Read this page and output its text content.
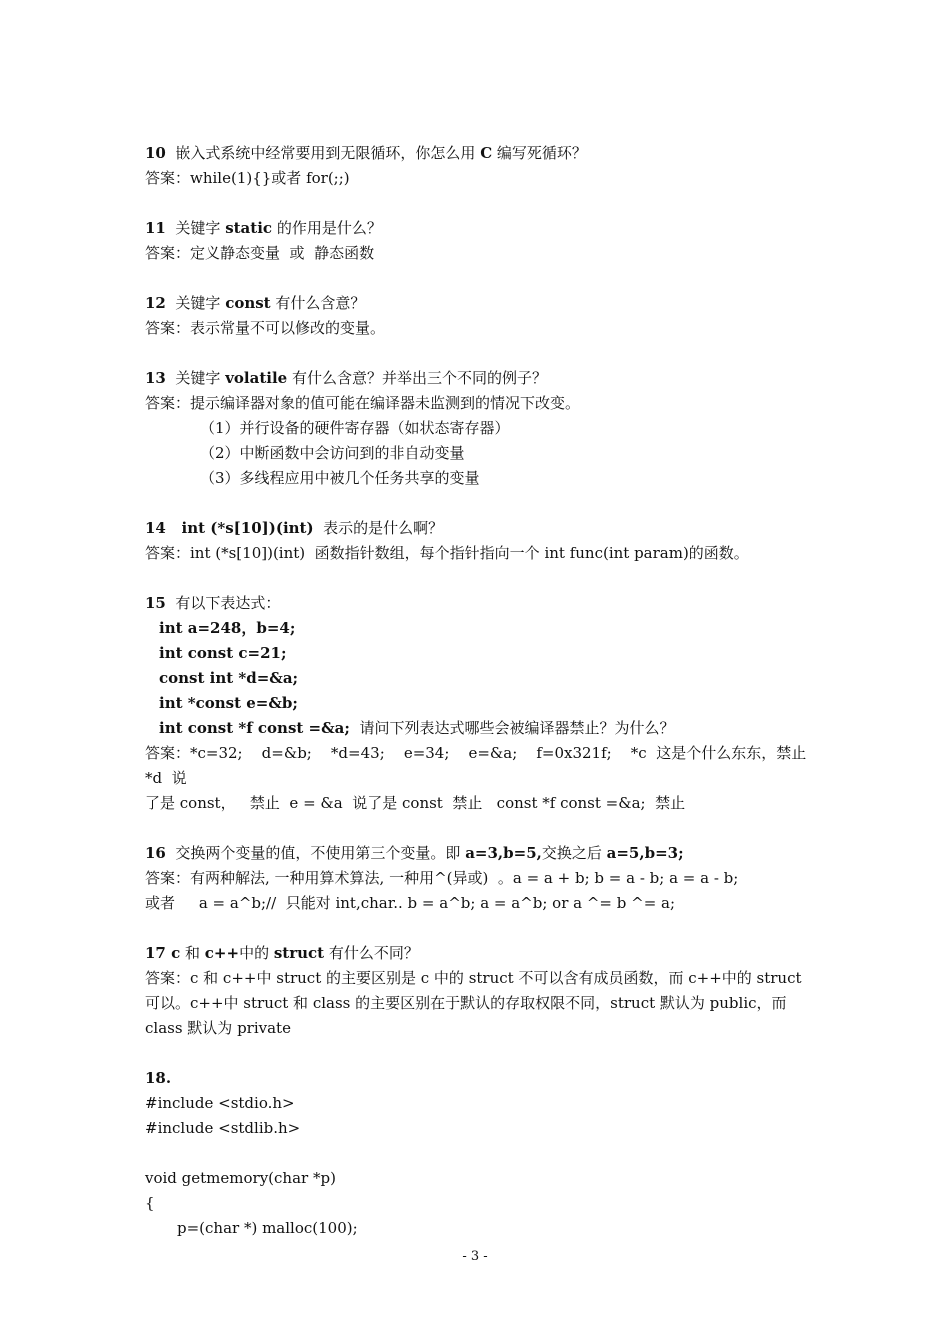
10  嵌入式系统中经常要用到无限循环，你怎么用 C 编写死循环？
答案：while(1){}或者 for(;;)
11  关键字 static 的作用是什么？
答案：定义静态变量  或  静态函数
12  关键字 const 有什么含意？
答案：表示常量不可以修改的变量。
13  关键字 volatile 有什么含意？并举出三个不同的例子？
答案：提示编译器对象的值可能在编译器未监测到的情况下改变。
（1）并行设备的硬件寄存器（如状态寄存器）
（2）中断函数中会访问到的非自动变量
（3）多线程应用中被几个任务共享的变量
14   int (*s[10])(int)  表示的是什么啊？
答案：int (*s[10])(int)  函数指针数组，每个指针指向一个 int func(int param)的函数。
15  有以下表达式：
int a=248，b=4;
int const c=21;
const int *d=&a;
int *const e=&b;
int const *f const =&a;  请问下列表达式哪些会被编译器禁止？为什么？
答案：*c=32;    d=&b;    *d=43;    e=34;    e=&a;    f=0x321f;    *c  这是个什么东东，禁止  *d  说
了是 const，   禁止  e = &a  说了是 const  禁止   const *f const =&a;  禁止
16  交换两个变量的值，不使用第三个变量。即 a=3,b=5,交换之后 a=5,b=3;
答案：有两种解法, 一种用算术算法, 一种用^(异或)  。a = a + b; b = a - b; a = a - b;
或者     a = a^b;//  只能对 int,char.. b = a^b; a = a^b; or a ^= b ^= a;
17 c 和 c++中的 struct 有什么不同？
答案：c 和 c++中 struct 的主要区别是 c 中的 struct 不可以含有成员函数，而 c++中的 struct
可以。c++中 struct 和 class 的主要区别在于默认的存取权限不同，struct 默认为 public，而
class 默认为 private
18.
#include <stdio.h>
#include <stdlib.h>
void getmemory(char *p)
{
p=(char *) malloc(100);
- 3 -
